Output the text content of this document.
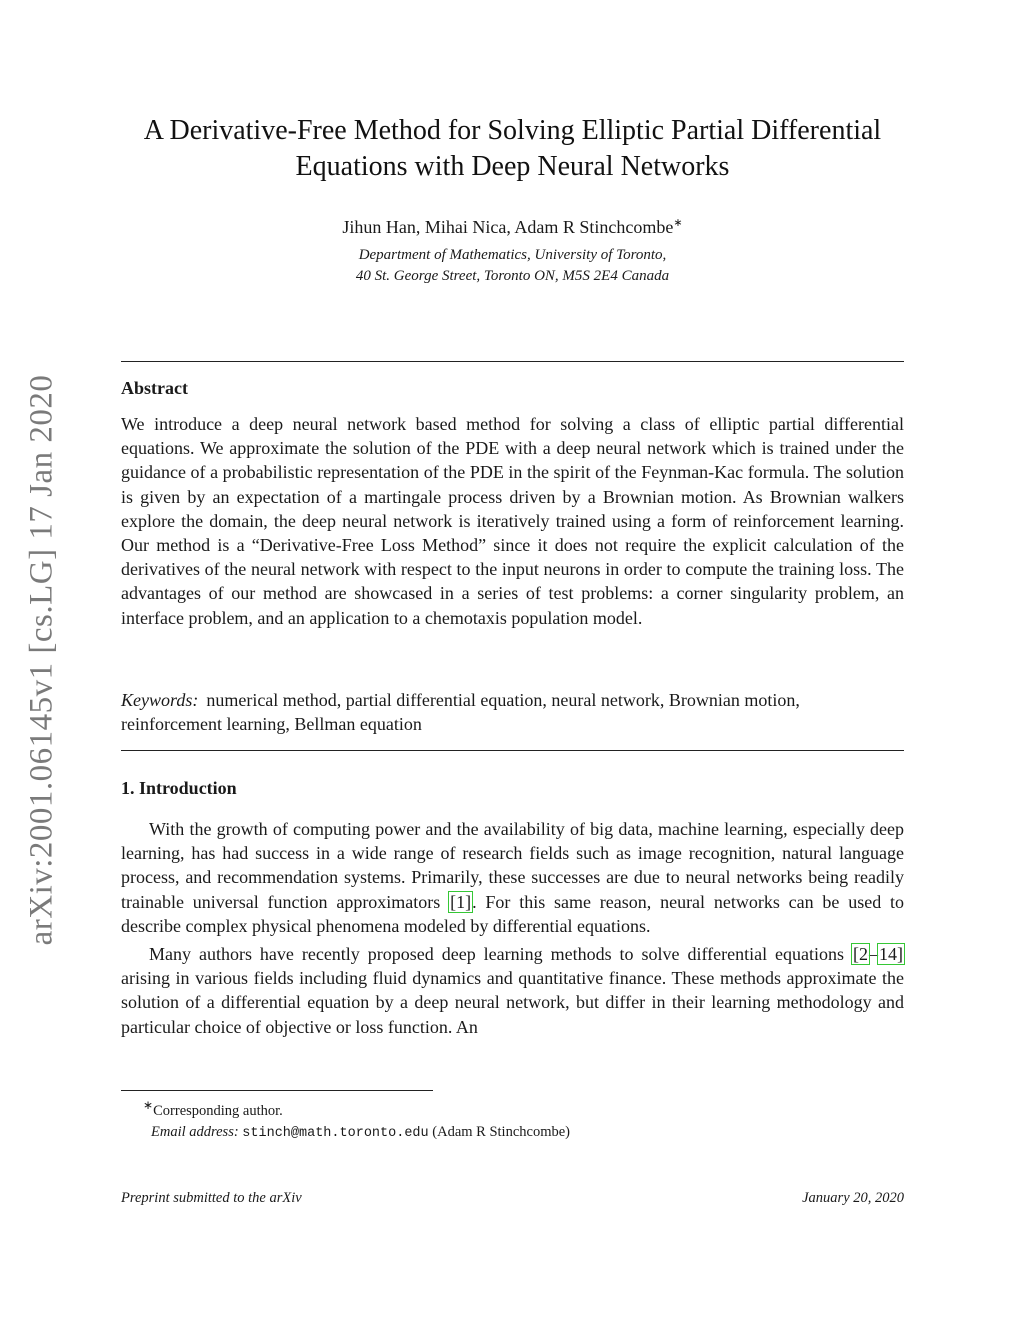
arXiv:2001.06145v1 [cs.LG] 17 Jan 2020
A Derivative-Free Method for Solving Elliptic Partial Differential
Equations with Deep Neural Networks
Jihun Han, Mihai Nica, Adam R Stinchcombe∗
Department of Mathematics, University of Toronto,
40 St. George Street, Toronto ON, M5S 2E4 Canada
Abstract
We introduce a deep neural network based method for solving a class of elliptic partial differential equations. We approximate the solution of the PDE with a deep neural network which is trained under the guidance of a probabilistic representation of the PDE in the spirit of the Feynman-Kac formula. The solution is given by an expectation of a martingale process driven by a Brownian motion. As Brownian walkers explore the domain, the deep neural network is iteratively trained using a form of reinforcement learning. Our method is a “Derivative-Free Loss Method” since it does not require the explicit calculation of the derivatives of the neural network with respect to the input neurons in order to compute the training loss. The advantages of our method are showcased in a series of test problems: a corner singularity problem, an interface problem, and an application to a chemotaxis population model.
Keywords: numerical method, partial differential equation, neural network, Brownian motion, reinforcement learning, Bellman equation
1. Introduction

With the growth of computing power and the availability of big data, machine learning, especially deep learning, has had success in a wide range of research fields such as image recognition, natural language process, and recommendation systems. Primarily, these successes are due to neural networks being readily trainable universal function approximators [1]. For this same reason, neural networks can be used to describe complex physical phenomena modeled by differential equations.

Many authors have recently proposed deep learning methods to solve differential equations [2–14] arising in various fields including fluid dynamics and quantitative finance. These methods approximate the solution of a differential equation by a deep neural network, but differ in their learning methodology and particular choice of objective or loss function. An

∗Corresponding author.
Email address: stinch@math.toronto.edu (Adam R Stinchcombe)
Preprint submitted to the arXiv	January 20, 2020
